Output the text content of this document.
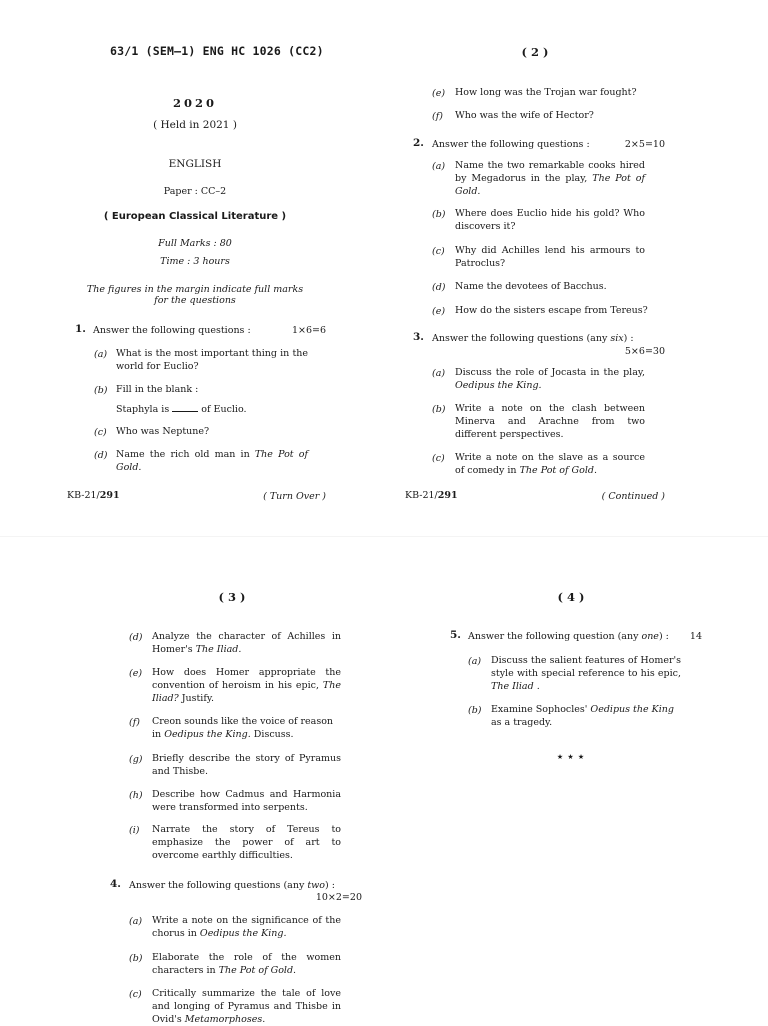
63/1 (SEM–1) ENG HC 1026 (CC2)
2020
( Held in 2021 )
ENGLISH
Paper : CC–2
( European Classical Literature )
Full Marks : 80
Time : 3 hours
The figures in the margin indicate full marks
for the questions
1. Answer the following questions :	1×6=6
(a) What is the most important thing in the world for Euclio?
(b) Fill in the blank :
Staphyla is	of Euclio.
(c) Who was Neptune?
(d) Name the rich old man in The Pot of Gold.
KB-21/291	( Turn Over )
( 2 )
(e) How long was the Trojan war fought?
(f) Who was the wife of Hector?
2. Answer the following questions :	2×5=10
(a) Name the two remarkable cooks hired by Megadorus in the play, The Pot of Gold.
(b) Where does Euclio hide his gold? Who discovers it?
(c) Why did Achilles lend his armours to Patroclus?
(d) Name the devotees of Bacchus.
(e) How do the sisters escape from Tereus?
3. Answer the following questions (any six) :
5×6=30
(a) Discuss the role of Jocasta in the play, Oedipus the King.
(b) Write a note on the clash between Minerva and Arachne from two different perspectives.
(c) Write a note on the slave as a source of comedy in The Pot of Gold.
KB-21/291	( Continued )
( 3 )
(d) Analyze the character of Achilles in Homer's The Iliad.
(e) How does Homer appropriate the convention of heroism in his epic, The Iliad? Justify.
(f) Creon sounds like the voice of reason in Oedipus the King. Discuss.
(g) Briefly describe the story of Pyramus and Thisbe.
(h) Describe how Cadmus and Harmonia were transformed into serpents.
(i) Narrate the story of Tereus to emphasize the power of art to overcome earthly difficulties.
4. Answer the following questions (any two) :
10×2=20
(a) Write a note on the significance of the chorus in Oedipus the King.
(b) Elaborate the role of the women characters in The Pot of Gold.
(c) Critically summarize the tale of love and longing of Pyramus and Thisbe in Ovid's Metamorphoses.
( 4 )
5. Answer the following question (any one) :	14
(a) Discuss the salient features of Homer's style with special reference to his epic, The Iliad .
(b) Examine Sophocles' Oedipus the King as a tragedy.
★ ★ ★
